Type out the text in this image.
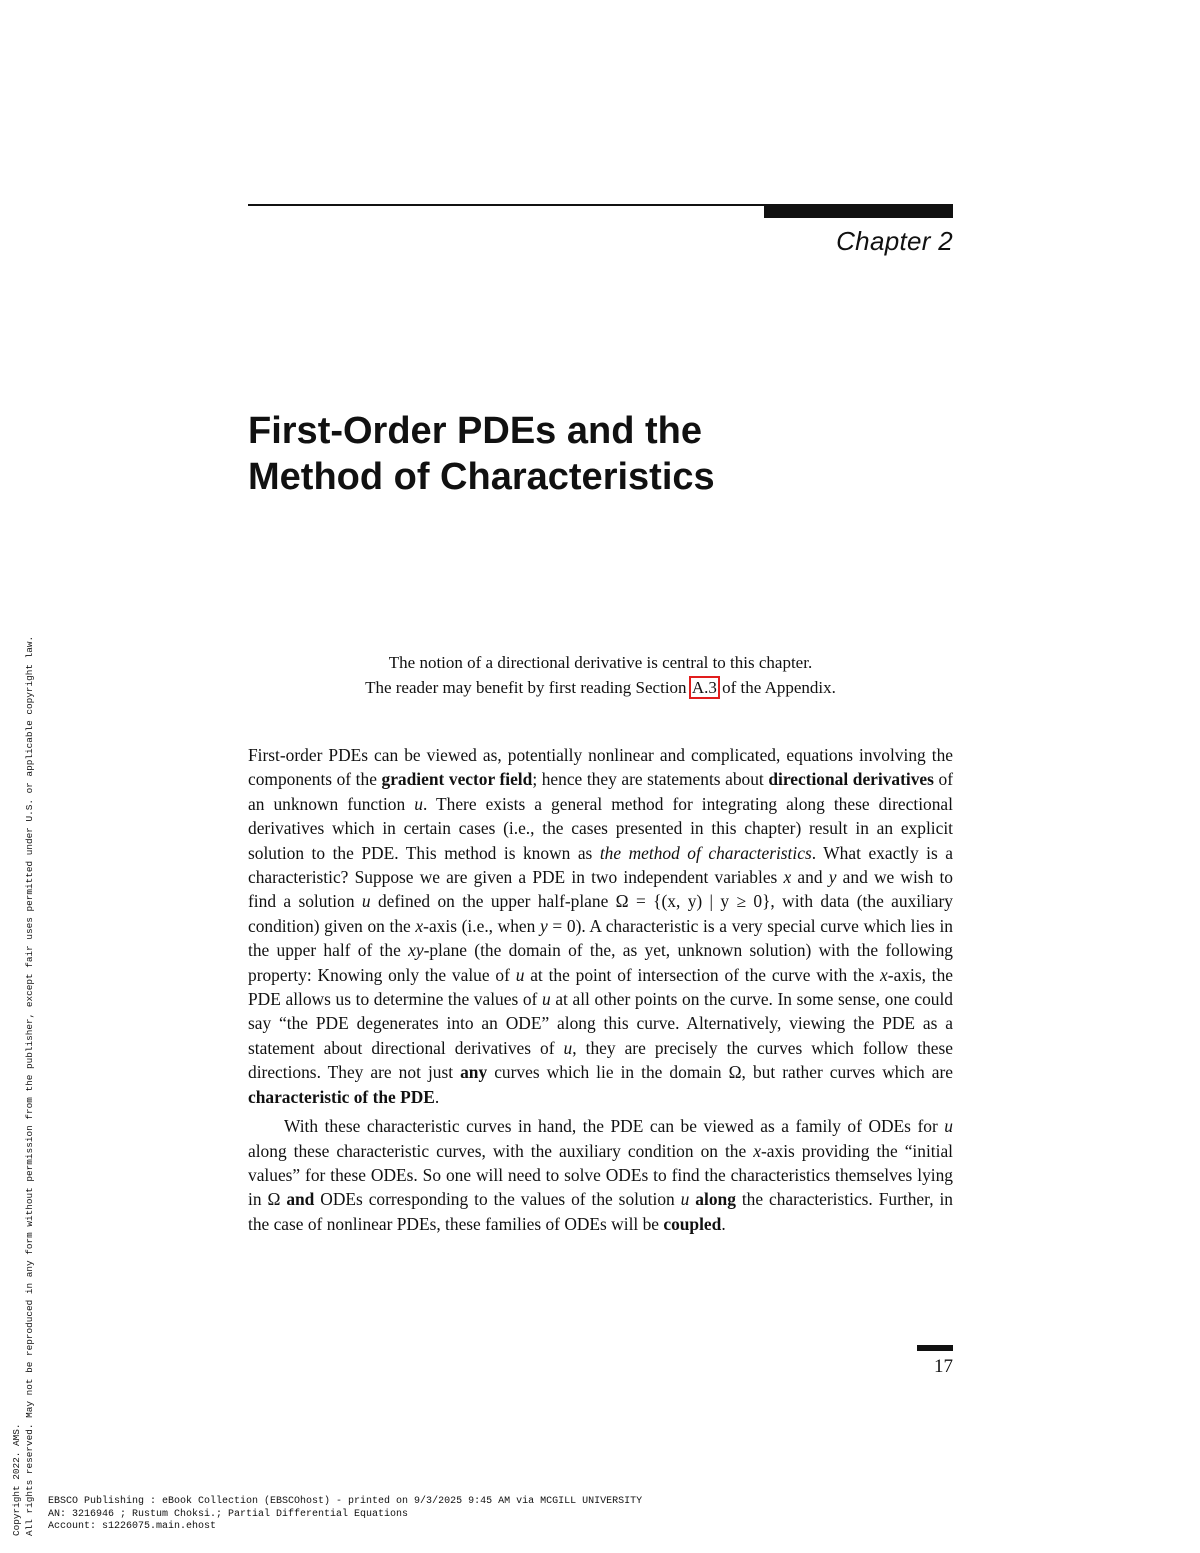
Chapter 2
First-Order PDEs and the
Method of Characteristics

The notion of a directional derivative is central to this chapter.

The reader may benefit by first reading Section A.3 of the Appendix.

First-order PDEs can be viewed as, potentially nonlinear and complicated, equations involving the components of the gradient vector field; hence they are statements about directional derivatives of an unknown function u. There exists a general method for integrating along these directional derivatives which in certain cases (i.e., the cases presented in this chapter) result in an explicit solution to the PDE. This method is known as the method of characteristics. What exactly is a characteristic? Suppose we are given a PDE in two independent variables x and y and we wish to find a solution u defined on the upper half-plane Ω = {(x, y) | y ≥ 0}, with data (the auxiliary condition) given on the x-axis (i.e., when y = 0). A characteristic is a very special curve which lies in the upper half of the xy-plane (the domain of the, as yet, unknown solution) with the following property: Knowing only the value of u at the point of intersection of the curve with the x-axis, the PDE allows us to determine the values of u at all other points on the curve. In some sense, one could say “the PDE degenerates into an ODE” along this curve. Alternatively, viewing the PDE as a statement about directional derivatives of u, they are precisely the curves which follow these directions. They are not just any curves which lie in the domain Ω, but rather curves which are characteristic of the PDE.

With these characteristic curves in hand, the PDE can be viewed as a family of ODEs for u along these characteristic curves, with the auxiliary condition on the x-axis providing the “initial values” for these ODEs. So one will need to solve ODEs to find the characteristics themselves lying in Ω and ODEs corresponding to the values of the solution u along the characteristics. Further, in the case of nonlinear PDEs, these families of ODEs will be coupled.

17
Copyright 2022. AMS. All rights reserved. May not be reproduced in any form without permission from the publisher, except fair uses permitted under U.S. or applicable copyright law. EBSCO Publishing : eBook Collection (EBSCOhost) - printed on 9/3/2025 9:45 AM via MCGILL UNIVERSITY
AN: 3216946 ; Rustum Choksi.; Partial Differential Equations
Account: s1226075.main.ehost
